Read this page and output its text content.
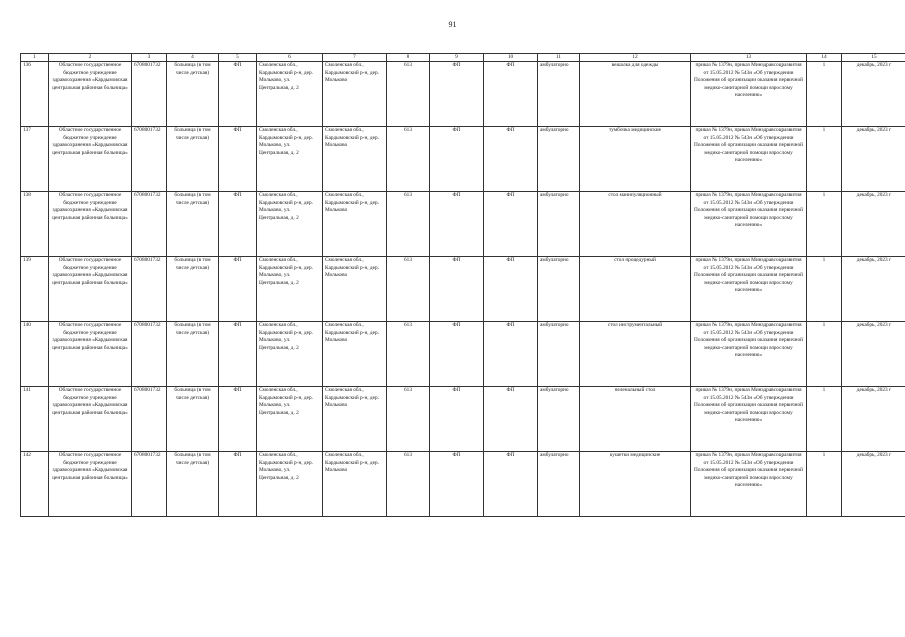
91
1	2	3	4	5	6	7	8	9	10	11	12	13	14	15
136	Областное государственное бюджетное учреждение здравоохранения «Кардымовская центральная районная больница»	6708001732	больница (в том числе детская)	ФП	Смоленская обл., Кардымовский р-н, дер. Мольково, ул. Центральная, д. 2	Смоленская обл., Кардымовский р-н, дер. Мольково	613	ФП	ФП	амбулаторно	вешалка для одежды	приказ № 1379н, приказ Минздравсоцразвития от 15.05.2012 № 543н «Об утверждении Положения об организации оказания первичной медико-санитарной помощи взрослому населению»	1	декабрь, 2023 г
137	Областное государственное бюджетное учреждение здравоохранения «Кардымовская центральная районная больница»	6708001732	больница (в том числе детская)	ФП	Смоленская обл., Кардымовский р-н, дер. Мольково, ул. Центральная, д. 2	Смоленская обл., Кардымовский р-н, дер. Мольково	613	ФП	ФП	амбулаторно	тумбочка медицинские	приказ № 1379н, приказ Минздравсоцразвития от 15.05.2012 № 543н «Об утверждении Положения об организации оказания первичной медико-санитарной помощи взрослому населению»	1	декабрь, 2023 г
138	Областное государственное бюджетное учреждение здравоохранения «Кардымовская центральная районная больница»	6708001732	больница (в том числе детская)	ФП	Смоленская обл., Кардымовский р-н, дер. Мольково, ул. Центральная, д. 2	Смоленская обл., Кардымовский р-н, дер. Мольково	613	ФП	ФП	амбулаторно	стол манипуляционный	приказ № 1379н, приказ Минздравсоцразвития от 15.05.2012 № 543н «Об утверждении Положения об организации оказания первичной медико-санитарной помощи взрослому населению»	1	декабрь, 2023 г
139	Областное государственное бюджетное учреждение здравоохранения «Кардымовская центральная районная больница»	6708001732	больница (в том числе детская)	ФП	Смоленская обл., Кардымовский р-н, дер. Мольково, ул. Центральная, д. 2	Смоленская обл., Кардымовский р-н, дер. Мольково	613	ФП	ФП	амбулаторно	стол процедурный	приказ № 1379н, приказ Минздравсоцразвития от 15.05.2012 № 543н «Об утверждении Положения об организации оказания первичной медико-санитарной помощи взрослому населению»	1	декабрь, 2023 г
140	Областное государственное бюджетное учреждение здравоохранения «Кардымовская центральная районная больница»	6708001732	больница (в том числе детская)	ФП	Смоленская обл., Кардымовский р-н, дер. Мольково, ул. Центральная, д. 2	Смоленская обл., Кардымовский р-н, дер. Мольково	613	ФП	ФП	амбулаторно	стол инструментальный	приказ № 1379н, приказ Минздравсоцразвития от 15.05.2012 № 543н «Об утверждении Положения об организации оказания первичной медико-санитарной помощи взрослому населению»	1	декабрь, 2023 г
141	Областное государственное бюджетное учреждение здравоохранения «Кардымовская центральная районная больница»	6708001732	больница (в том числе детская)	ФП	Смоленская обл., Кардымовский р-н, дер. Мольково, ул. Центральная, д. 2	Смоленская обл., Кардымовский р-н, дер. Мольково	613	ФП	ФП	амбулаторно	пеленальный стол	приказ № 1379н, приказ Минздравсоцразвития от 15.05.2012 № 543н «Об утверждении Положения об организации оказания первичной медико-санитарной помощи взрослому населению»	1	декабрь, 2023 г
142	Областное государственное бюджетное учреждение здравоохранения «Кардымовская центральная районная больница»	6708001732	больница (в том числе детская)	ФП	Смоленская обл., Кардымовский р-н, дер. Мольково, ул. Центральная, д. 2	Смоленская обл., Кардымовский р-н, дер. Мольково	613	ФП	ФП	амбулаторно	кушетки медицинские	приказ № 1379н, приказ Минздравсоцразвития от 15.05.2012 № 543н «Об утверждении Положения об организации оказания первичной медико-санитарной помощи взрослому населению»	1	декабрь, 2023 г
